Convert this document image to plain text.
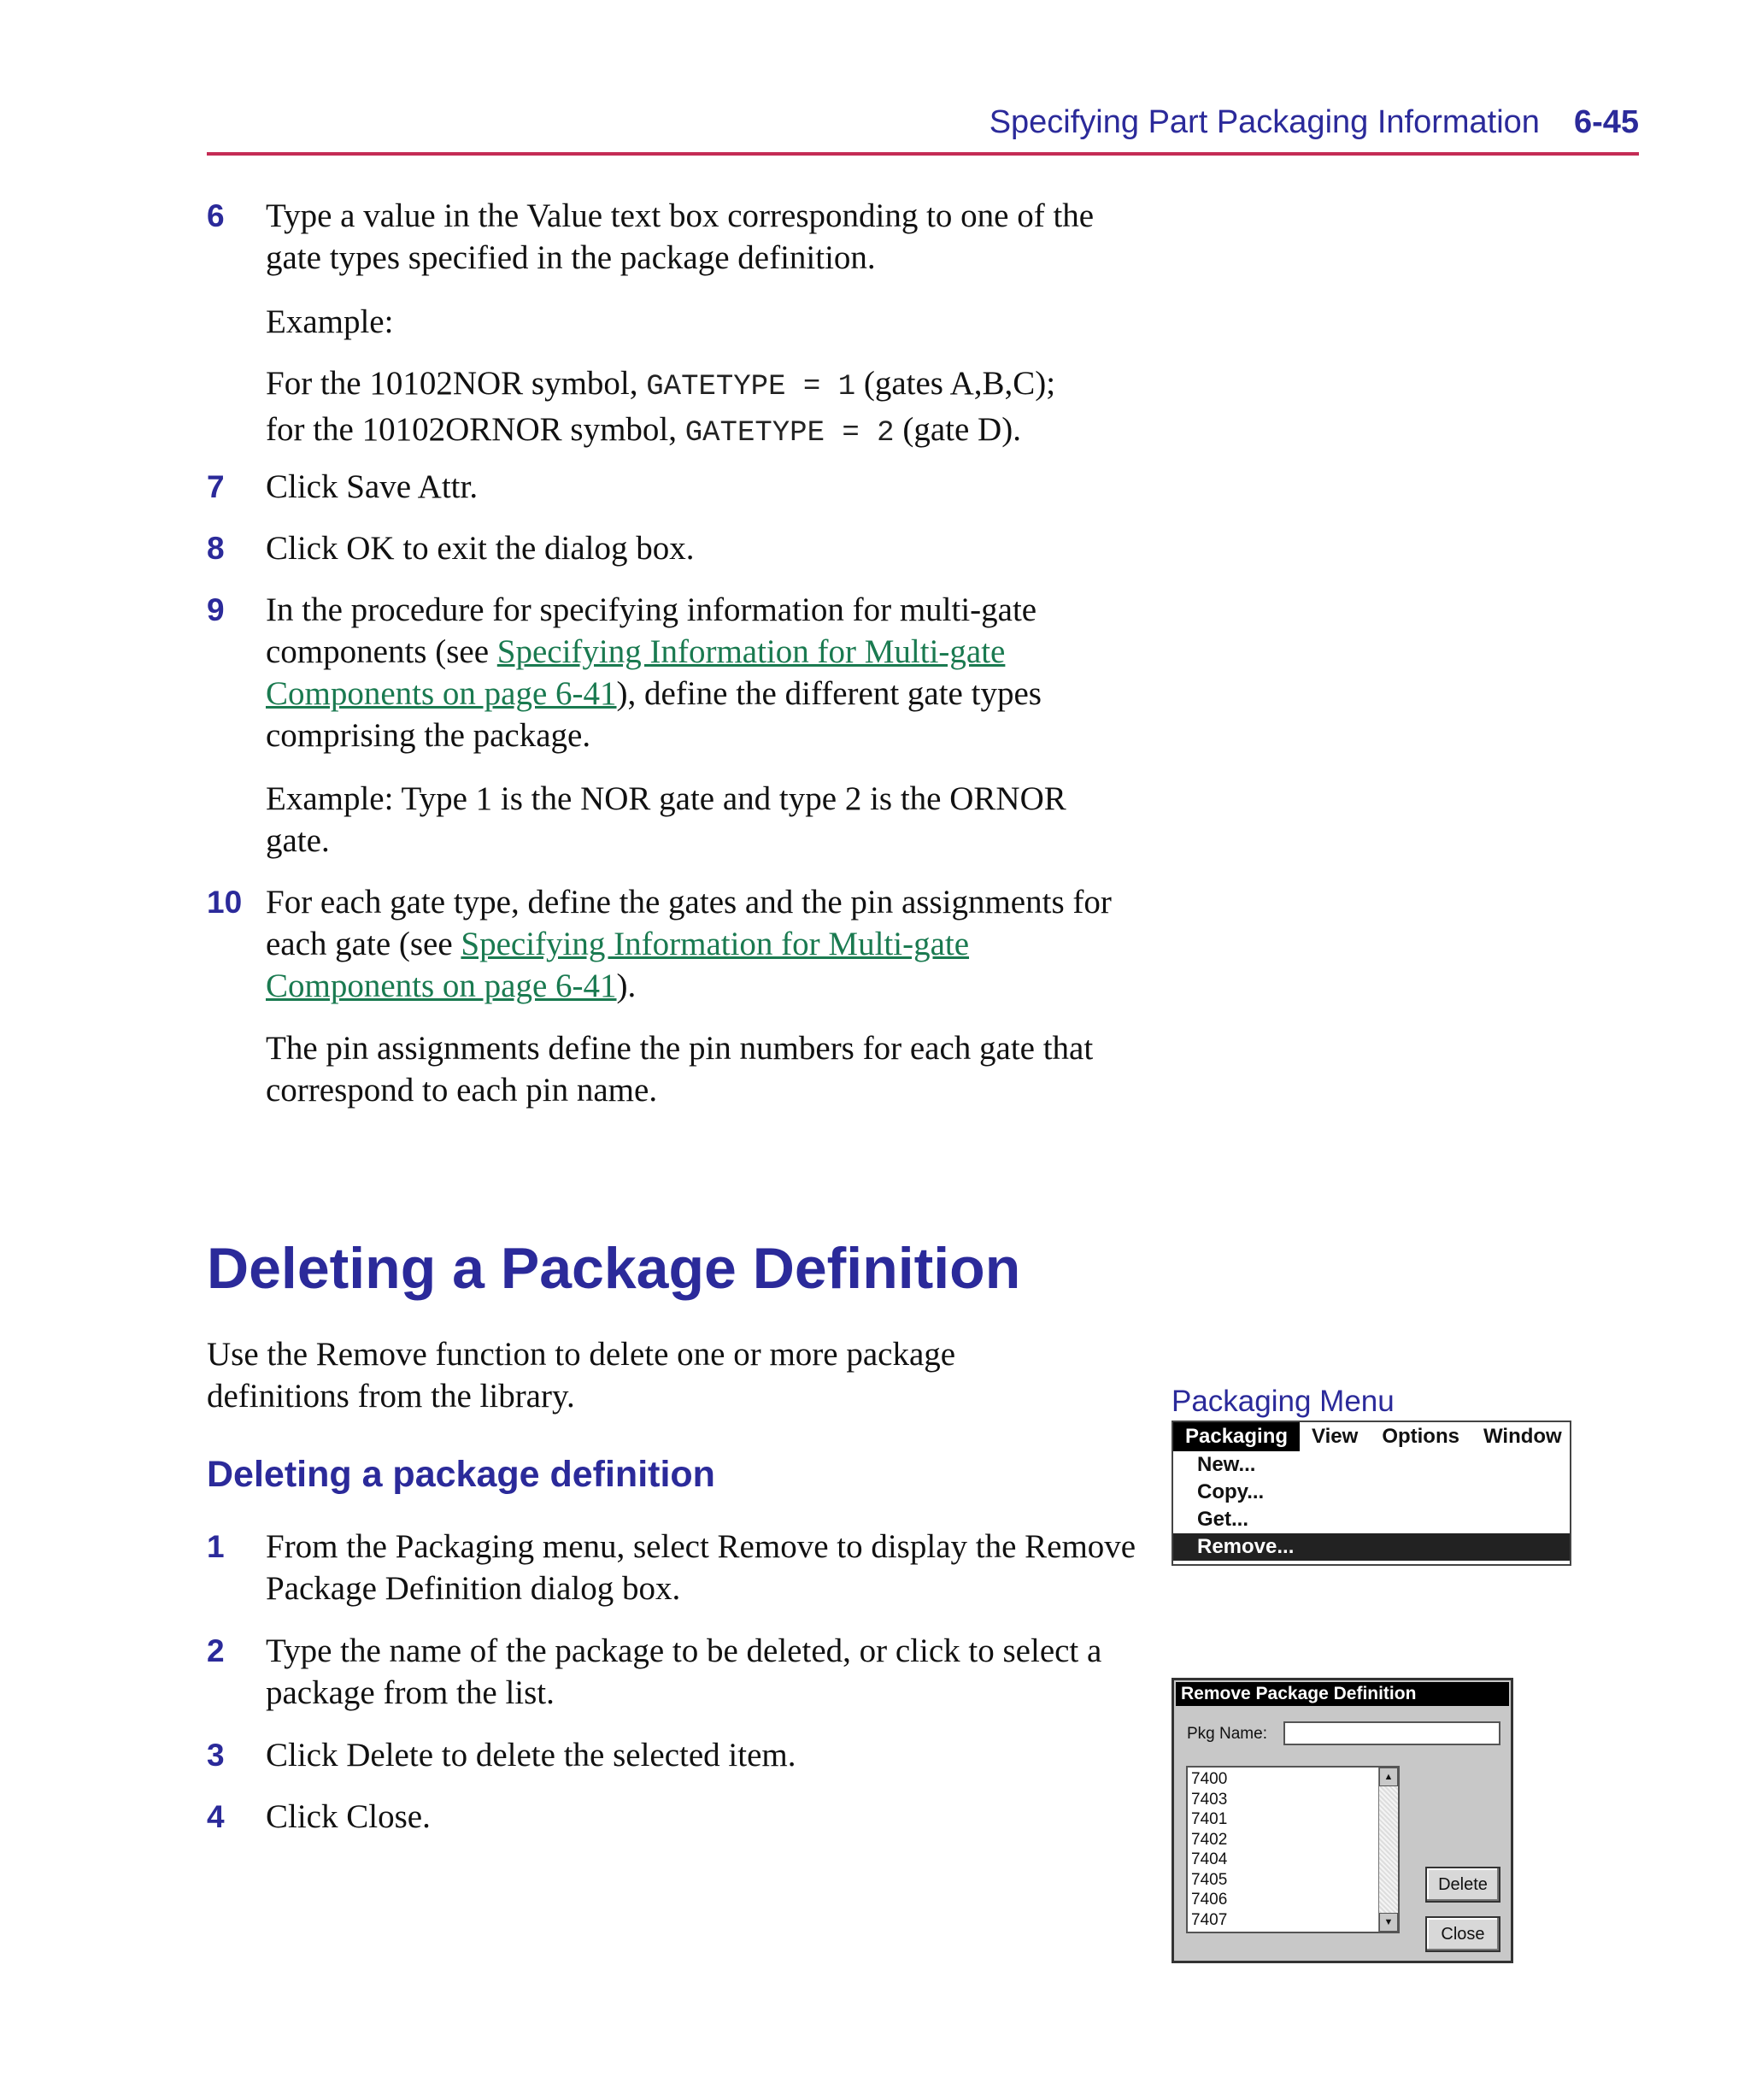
Specifying Part Packaging Information 6-45
6	Type a value in the Value text box corresponding to one of the gate types specified in the package definition.
Example:
For the 10102NOR symbol, GATETYPE = 1 (gates A,B,C);
for the 10102ORNOR symbol, GATETYPE = 2 (gate D).
7	Click Save Attr.
8	Click OK to exit the dialog box.
9	In the procedure for specifying information for multi-gate components (see Specifying Information for Multi-gate Components on page 6-41), define the different gate types comprising the package.
Example: Type 1 is the NOR gate and type 2 is the ORNOR gate.
10 For each gate type, define the gates and the pin assignments for each gate (see Specifying Information for Multi-gate Components on page 6-41).
The pin assignments define the pin numbers for each gate that correspond to each pin name.
Deleting a Package Definition
Use the Remove function to delete one or more package definitions from the library.
Deleting a package definition
1	From the Packaging menu, select Remove to display the Remove Package Definition dialog box.
2	Type the name of the package to be deleted, or click to select a package from the list.
3	Click Delete to delete the selected item.
4	Click Close.
Packaging Menu
Packaging	View	Options	Window
New...
Copy...
Get...
Remove...
Remove Package Definition
Pkg Name:
7400
7403
7401
7402
7404
7405
7406
7407
▲
▼
Delete
Close
